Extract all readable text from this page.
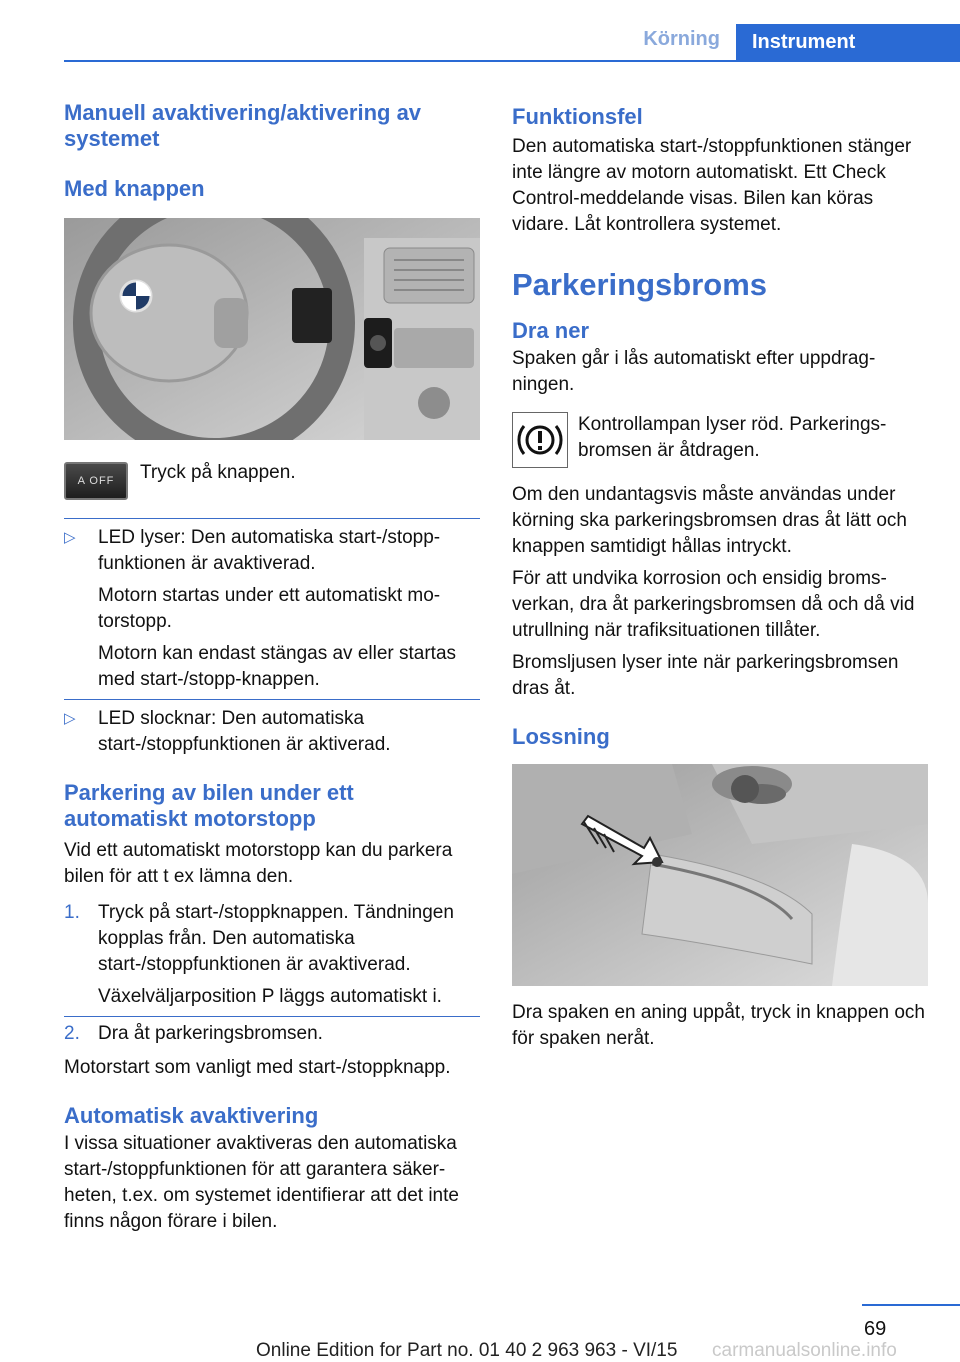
Körning	Instrument
Manuell avaktivering/aktivering av systemet
Med knappen
A OFF Tryck på knappen.
▷	LED lyser: Den automatiska start-/stopp-funktionen är avaktiverad.

Motorn startas under ett automatiskt mo-torstopp.

Motorn kan endast stängas av eller startas med start-/stopp-knappen.

▷	LED slocknar: Den automatiska start-/stoppfunktionen är aktiverad.

Parkering av bilen under ett automatiskt motorstopp

Vid ett automatiskt motorstopp kan du parkera bilen för att t ex lämna den.

1. Tryck på start-/stoppknappen. Tändningen kopplas från. Den automatiska start-/stoppfunktionen är avaktiverad.

Växelväljarposition P läggs automatiskt i.

2. Dra åt parkeringsbromsen.

Motorstart som vanligt med start-/stoppknapp.

Automatisk avaktivering

I vissa situationer avaktiveras den automatiska start-/stoppfunktionen för att garantera säker-heten, t.ex. om systemet identifierar att det inte finns någon förare i bilen.

Funktionsfel

Den automatiska start-/stoppfunktionen stänger inte längre av motorn automatiskt. Ett Check Control-meddelande visas. Bilen kan köras vidare. Låt kontrollera systemet.

Parkeringsbroms
Dra ner

Spaken går i lås automatiskt efter uppdrag-ningen.

Kontrollampan lyser röd. Parkerings-bromsen är åtdragen.

Om den undantagsvis måste användas under körning ska parkeringsbromsen dras åt lätt och knappen samtidigt hållas intryckt.

För att undvika korrosion och ensidig broms-verkan, dra åt parkeringsbromsen då och då vid utrullning när trafiksituationen tillåter.

Bromsljusen lyser inte när parkeringsbromsen dras åt.

Lossning

Dra spaken en aning uppåt, tryck in knappen och för spaken neråt.

69
Online Edition for Part no. 01 40 2 963 963 - VI/15 carmanualsonline.info
